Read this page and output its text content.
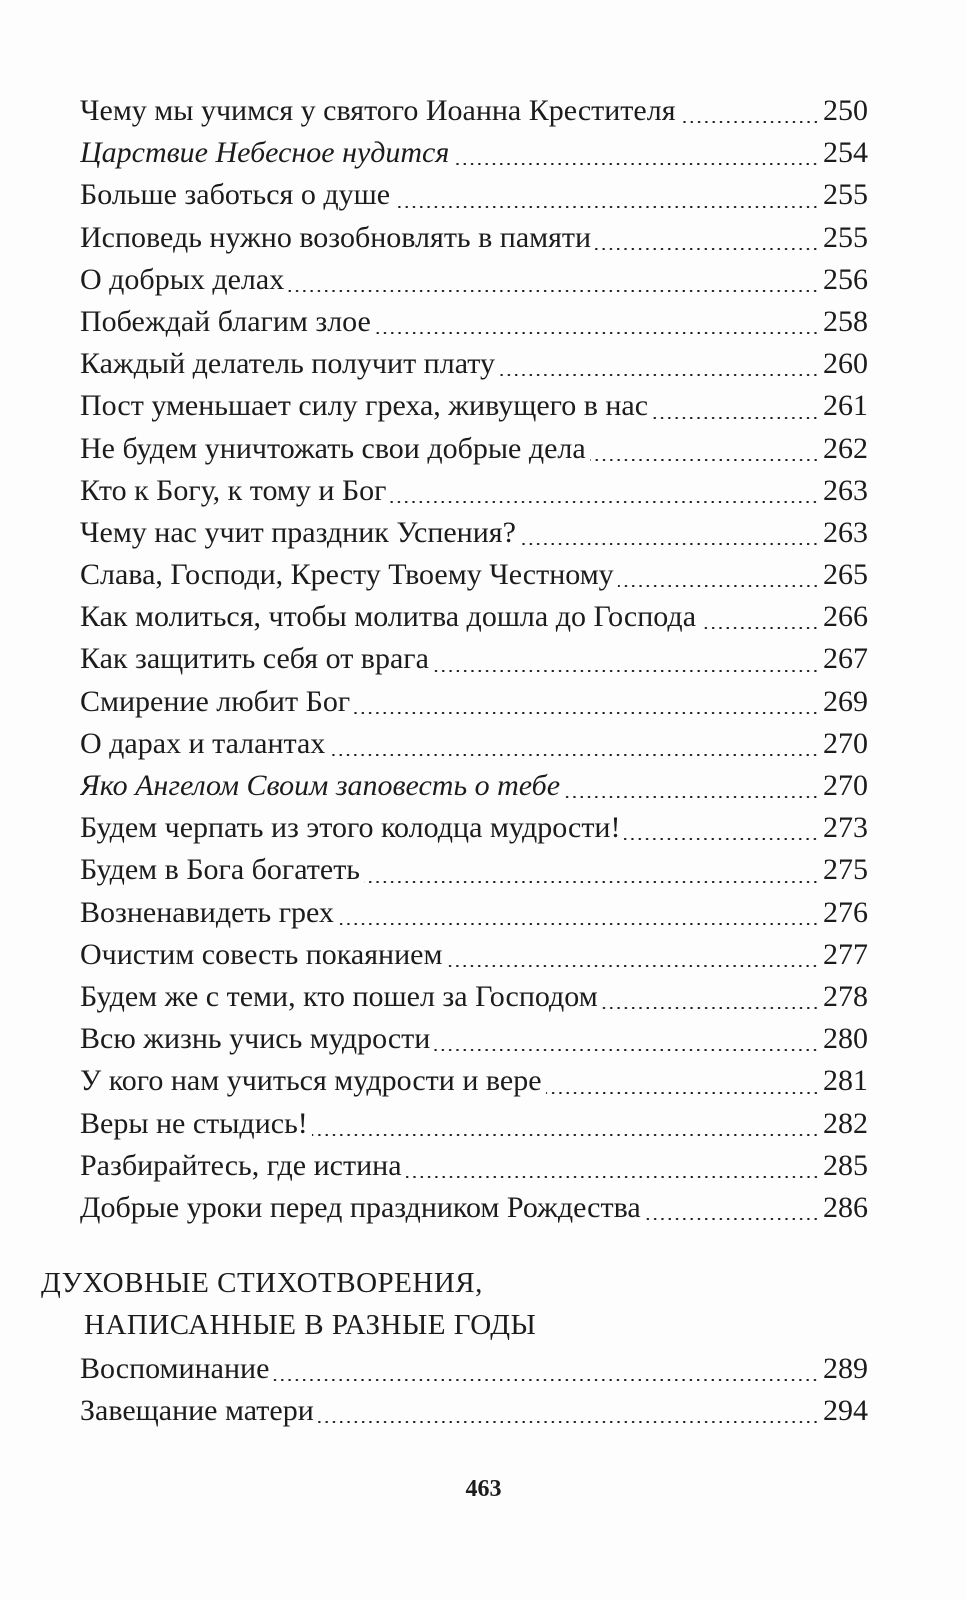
Чему мы учимся у святого Иоанна Крестителя	250
Царствие Небесное нудится	254
Больше заботься о душе	255
Исповедь нужно возобновлять в памяти	255
О добрых делах	256
Побеждай благим злое	258
Каждый делатель получит плату	260
Пост уменьшает силу греха, живущего в нас	261
Не будем уничтожать свои добрые дела	262
Кто к Богу, к тому и Бог	263
Чему нас учит праздник Успения?	263
Слава, Господи, Кресту Твоему Честному	265
Как молиться, чтобы молитва дошла до Господа	266
Как защитить себя от врага	267
Смирение любит Бог	269
О дарах и талантах	270
Яко Ангелом Своим заповесть о тебе	270
Будем черпать из этого колодца мудрости!	273
Будем в Бога богатеть	275
Возненавидеть грех	276
Очистим совесть покаянием	277
Будем же с теми, кто пошел за Господом	278
Всю жизнь учись мудрости	280
У кого нам учиться мудрости и вере	281
Веры не стыдись!	282
Разбирайтесь, где истина	285
Добрые уроки перед праздником Рождества	286
ДУХОВНЫЕ СТИХОТВОРЕНИЯ,
НАПИСАННЫЕ В РАЗНЫЕ ГОДЫ
Воспоминание	289
Завещание матери	294
463
